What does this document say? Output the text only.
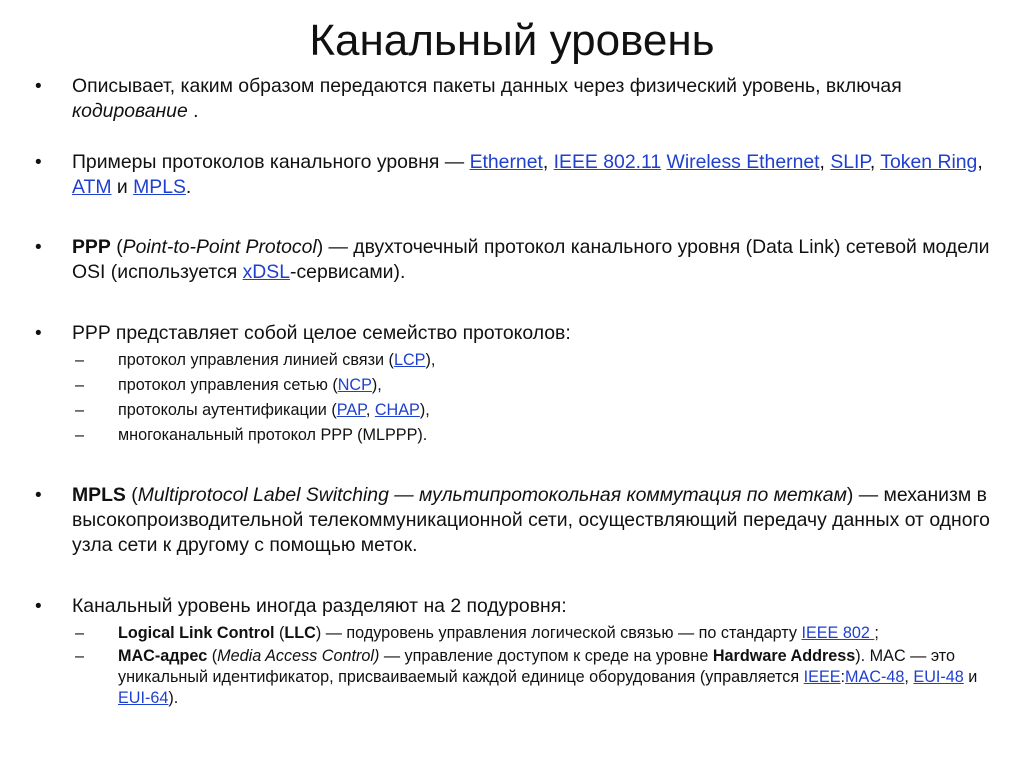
Канальный уровень
• Описывает, каким образом передаются пакеты данных через физический уровень, включая кодирование .
• Примеры протоколов канального уровня — Ethernet, IEEE 802.11 Wireless Ethernet, SLIP, Token Ring, ATM и MPLS.
• PPP (Point-to-Point Protocol) — двухточечный протокол канального уровня (Data Link) сетевой модели OSI (используется xDSL-сервисами).
• PPP представляет собой целое семейство протоколов:
– протокол управления линией связи (LCP),
– протокол управления сетью (NCP),
– протоколы аутентификации (PAP, CHAP),
– многоканальный протокол PPP (MLPPP).
• MPLS (Multiprotocol Label Switching — мультипротокольная коммутация по меткам) — механизм в высокопроизводительной телекоммуникационной сети, осуществляющий передачу данных от одного узла сети к другому с помощью меток.
• Канальный уровень иногда разделяют на 2 подуровня:
– Logical Link Control (LLC) — подуровень управления логической связью — по стандарту IEEE 802 ;
– MAC-адрес (Media Access Control) — управление доступом к среде на уровне Hardware Address). MAC — это уникальный идентификатор, присваиваемый каждой единице оборудования (управляется IEEE:MAC-48, EUI-48 и EUI-64).
